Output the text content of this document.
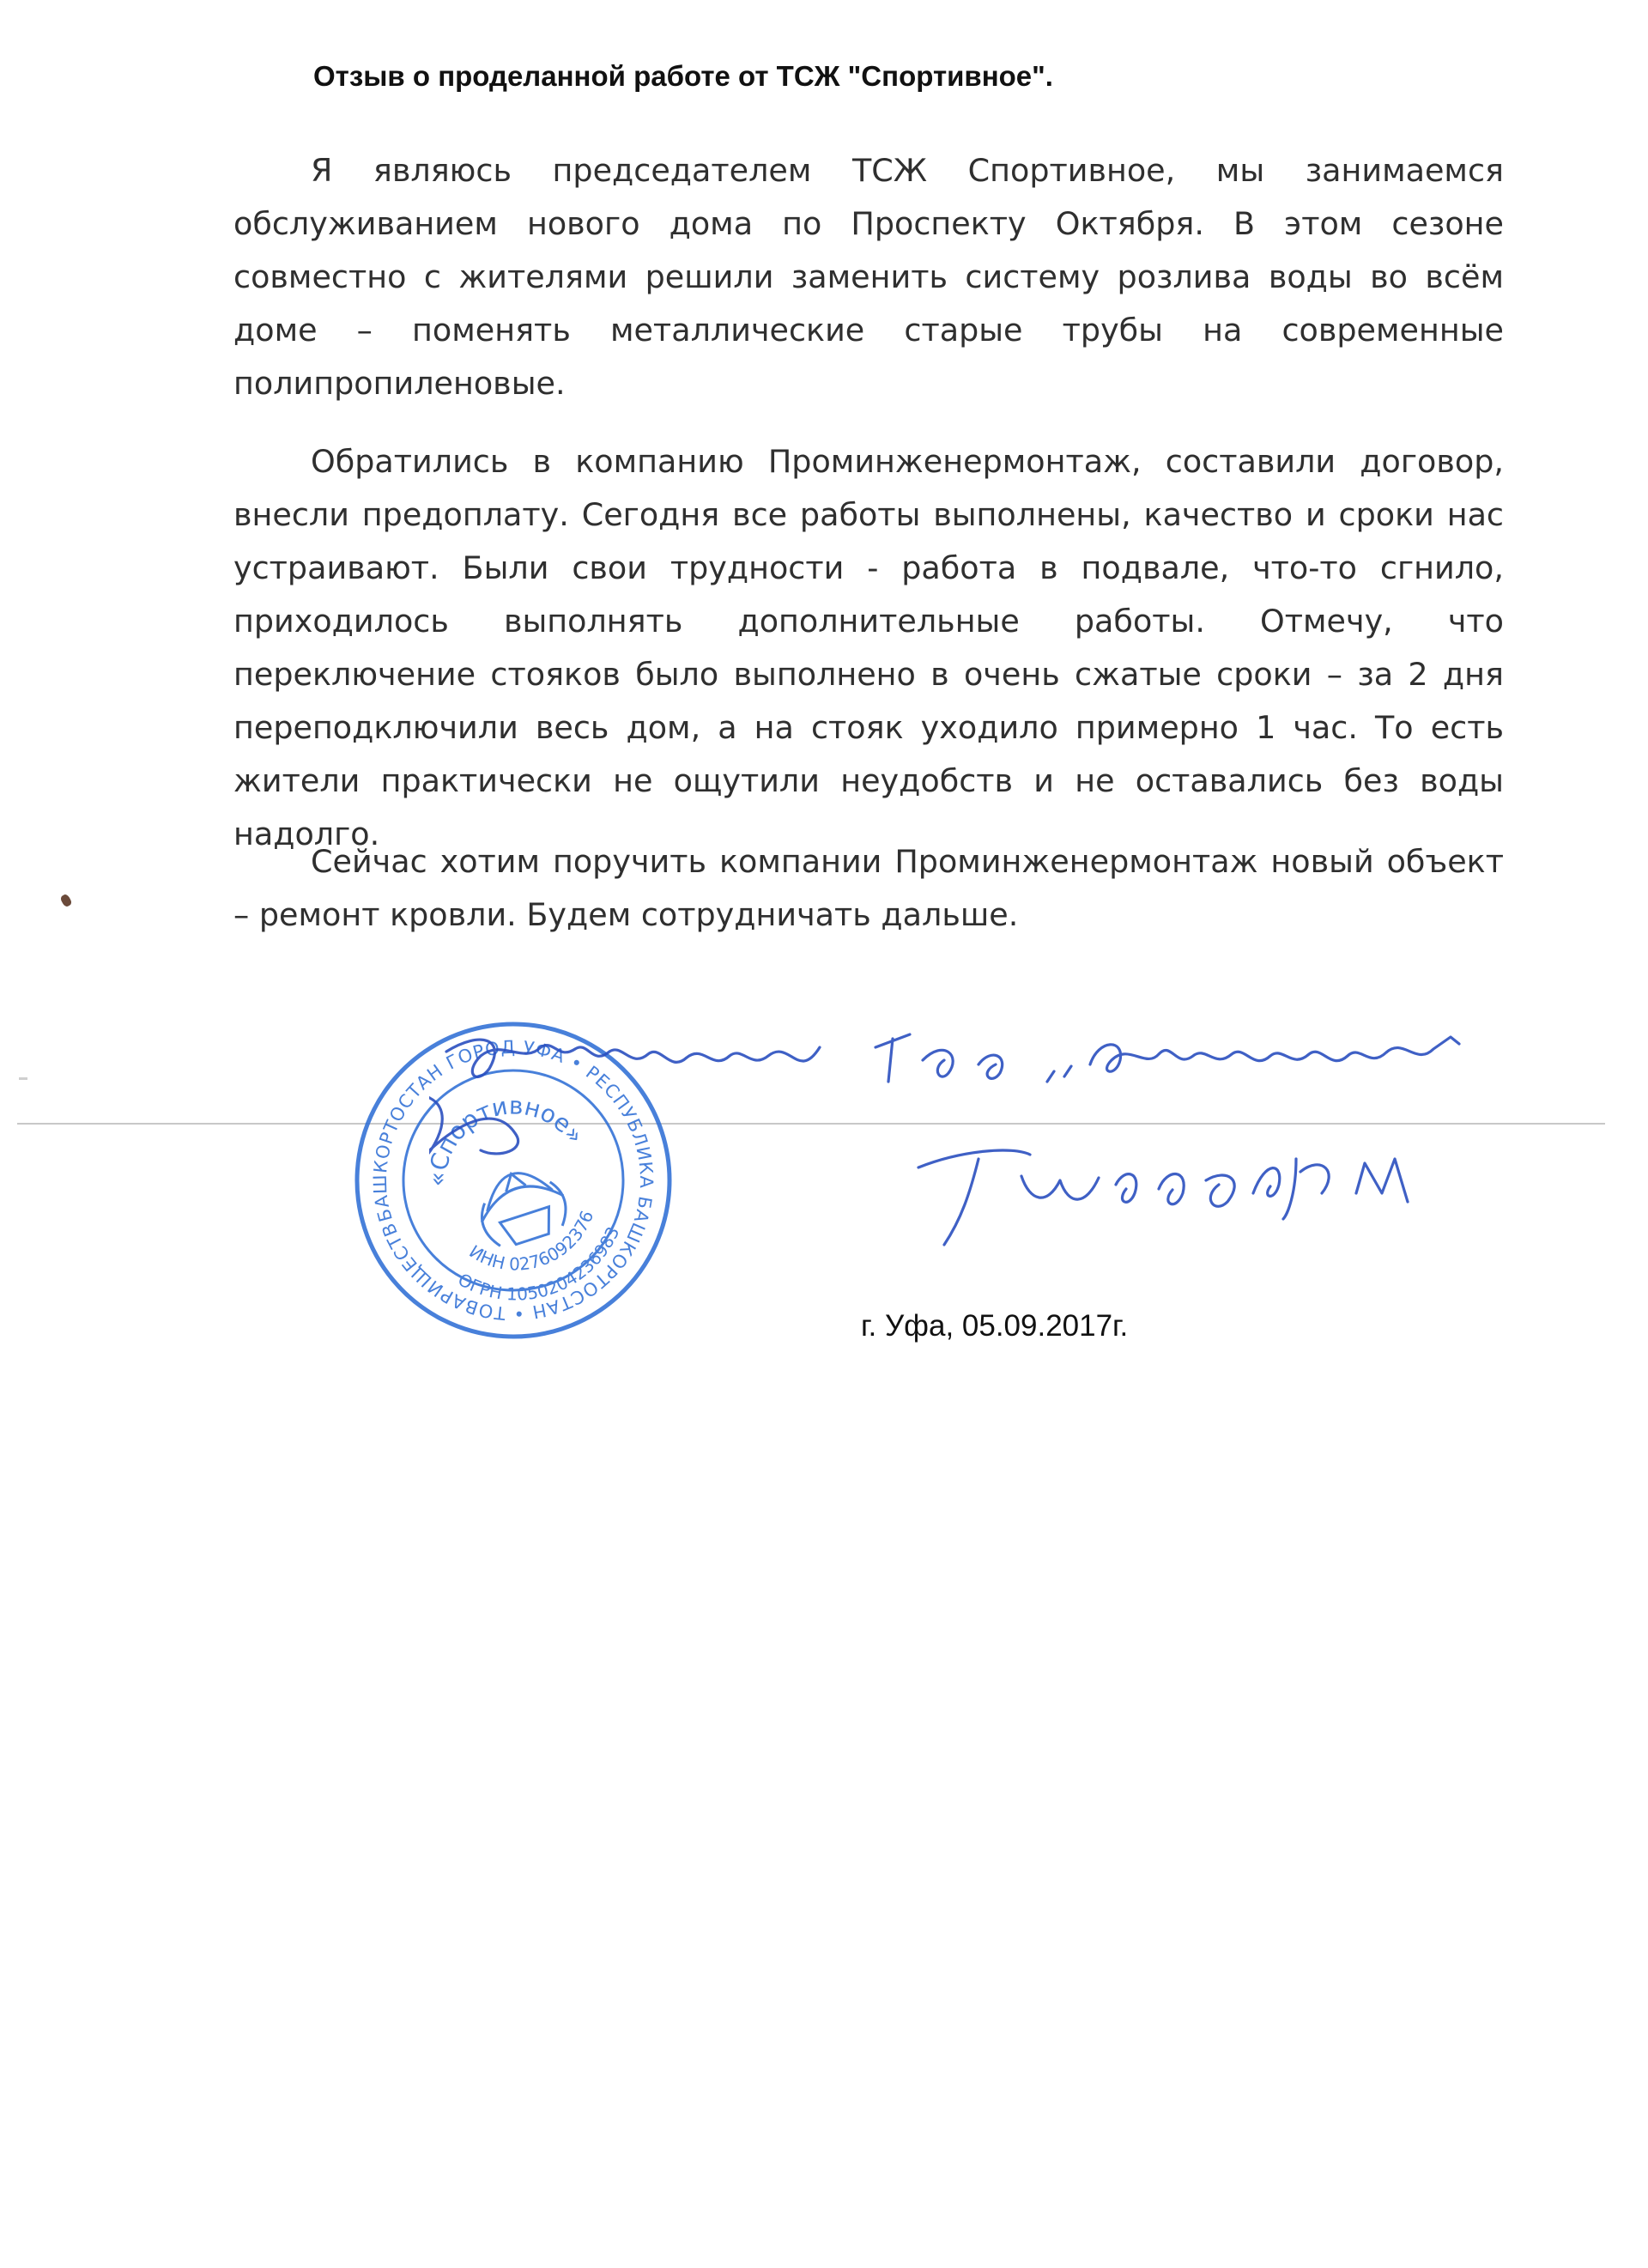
Отзыв о проделанной работе от ТСЖ "Спортивное".

Я являюсь председателем ТСЖ Спортивное, мы занимаемся обслуживанием нового дома по Проспекту Октября. В этом сезоне совместно с жителями решили заменить систему розлива воды во всём доме – поменять металлические старые трубы на современные полипропиленовые.

Обратились в компанию Проминженермонтаж, составили договор, внесли предоплату. Сегодня все работы выполнены, качество и сроки нас устраивают. Были свои трудности - работа в подвале, что-то сгнило, приходилось выполнять дополнительные работы. Отмечу, что переключение стояков было выполнено в очень сжатые сроки – за 2 дня переподключили весь дом, а на стояк уходило примерно 1 час. То есть жители практически не ощутили неудобств и не оставались без воды надолго.

Сейчас хотим поручить компании Проминженермонтаж новый объект – ремонт кровли. Будем сотрудничать дальше.

БАШКОРТОСТАН ГОРОД УФА • РЕСПУБЛИКА БАШКОРТОСТАН • ТОВАРИЩЕСТВО
«Спортивное»
ИНН 0276092376
ОГРН 1050204236983
г. Уфа, 05.09.2017г.
